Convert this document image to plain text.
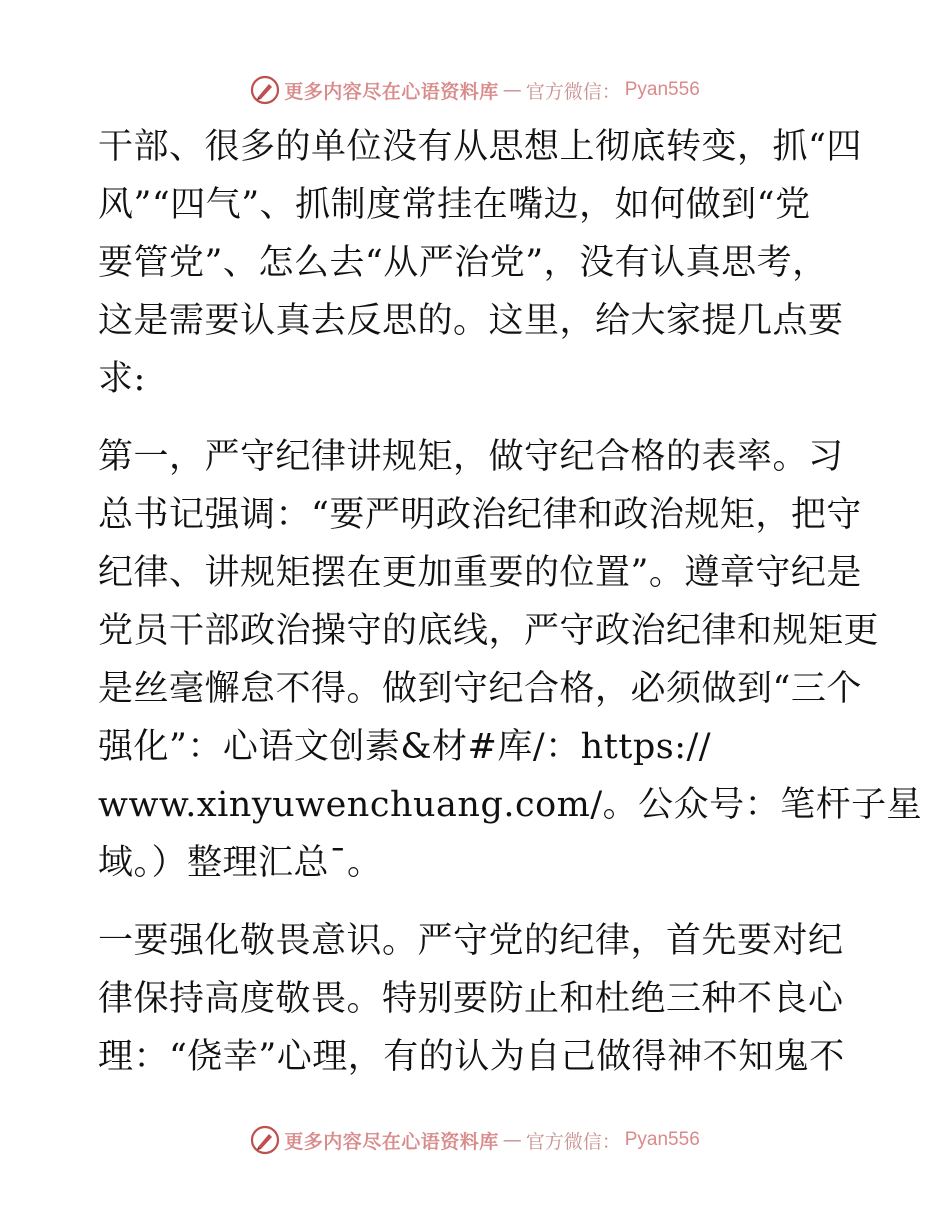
更多内容尽在心语资料库 — 官方微信： Pyan556
干部、很多的单位没有从思想上彻底转变，抓“四
风”“四气”、抓制度常挂在嘴边，如何做到“党
要管党”、怎么去“从严治党”，没有认真思考，
这是需要认真去反思的。这里，给大家提几点要
求:
第一，严守纪律讲规矩，做守纪合格的表率。习
总书记强调：“要严明政治纪律和政治规矩，把守
纪律、讲规矩摆在更加重要的位置”。遵章守纪是
党员干部政治操守的底线，严守政治纪律和规矩更
是丝毫懈怠不得。做到守纪合格，必须做到“三个
强化”：心语文创素&材#库/：https://
www.xinyuwenchuang.com/。公众号：笔杆子星
域。）整理汇总¯。
一要强化敬畏意识。严守党的纪律，首先要对纪
律保持高度敬畏。特别要防止和杜绝三种不良心
理：“侥幸”心理，有的认为自己做得神不知鬼不
更多内容尽在心语资料库 — 官方微信： Pyan556
